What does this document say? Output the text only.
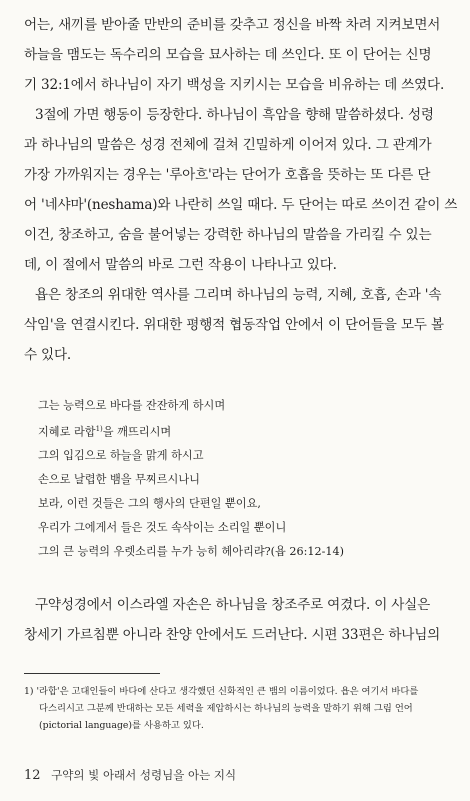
어는, 새끼를 받아줄 만반의 준비를 갖추고 정신을 바짝 차려 지켜보면서
하늘을 맴도는 독수리의 모습을 묘사하는 데 쓰인다. 또 이 단어는 신명
기 32:1에서 하나님이 자기 백성을 지키시는 모습을 비유하는 데 쓰였다.

3절에 가면 행동이 등장한다. 하나님이 흑암을 향해 말씀하셨다. 성령
과 하나님의 말씀은 성경 전체에 걸쳐 긴밀하게 이어져 있다. 그 관계가
가장 가까워지는 경우는 '루아흐'라는 단어가 호흡을 뜻하는 또 다른 단
어 '네샤마'(neshama)와 나란히 쓰일 때다. 두 단어는 따로 쓰이건 같이 쓰
이건, 창조하고, 숨을 불어넣는 강력한 하나님의 말씀을 가리킬 수 있는
데, 이 절에서 말씀의 바로 그런 작용이 나타나고 있다.

욥은 창조의 위대한 역사를 그리며 하나님의 능력, 지혜, 호흡, 손과 '속
삭임'을 연결시킨다. 위대한 평행적 협동작업 안에서 이 단어들을 모두 볼
수 있다.

그는 능력으로 바다를 잔잔하게 하시며
지혜로 라합$^{1)}$을 깨뜨리시며
그의 입김으로 하늘을 맑게 하시고
손으로 날렵한 뱀을 무찌르시나니
보라, 이런 것들은 그의 행사의 단편일 뿐이요,
우리가 그에게서 들은 것도 속삭이는 소리일 뿐이니
그의 큰 능력의 우렛소리를 누가 능히 헤아리랴?(욥 26:12-14)

구약성경에서 이스라엘 자손은 하나님을 창조주로 여겼다. 이 사실은
창세기 가르침뿐 아니라 찬양 안에서도 드러난다. 시편 33편은 하나님의

1) '라합'은 고대인들이 바다에 산다고 생각했던 신화적인 큰 뱀의 이름이었다. 욥은 여기서 바다를
다스리시고 그분께 반대하는 모든 세력을 제압하시는 하나님의 능력을 말하기 위해 그림 언어
(pictorial language)를 사용하고 있다.
12 구약의 빛 아래서 성령님을 아는 지식
